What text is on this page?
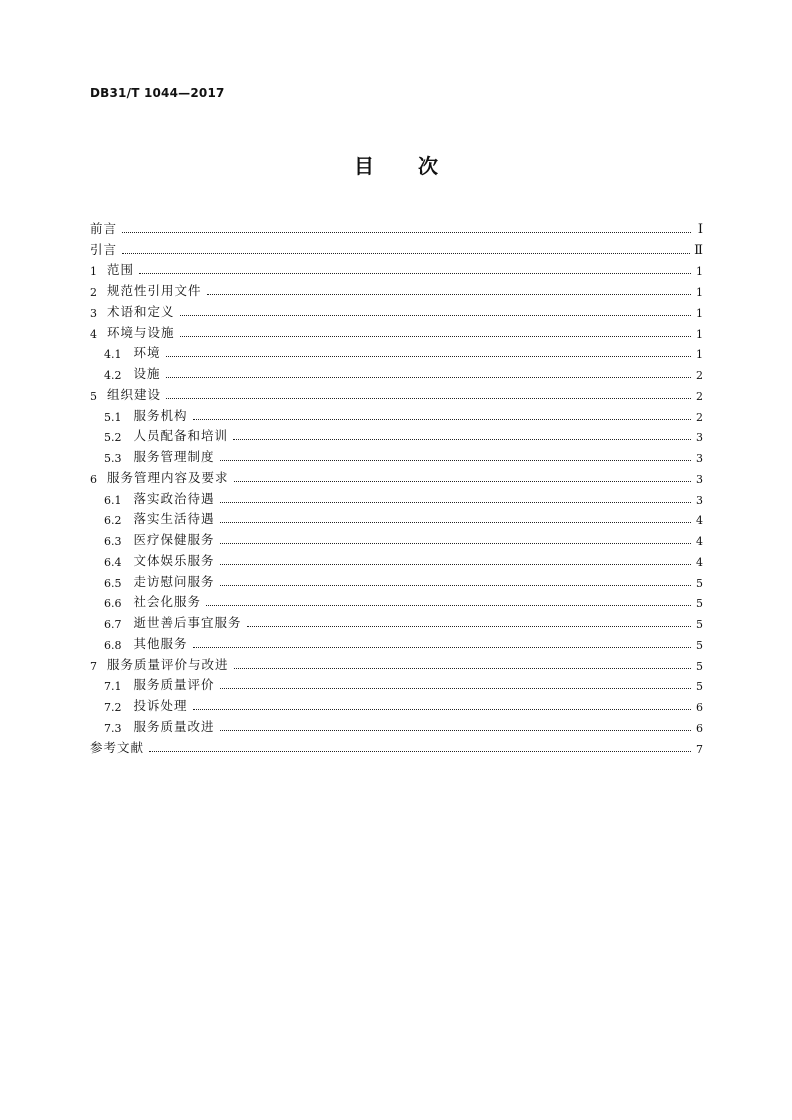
DB31/T 1044—2017
目 次
前言	Ⅰ
引言	Ⅱ
1 范围	1
2 规范性引用文件	1
3 术语和定义	1
4 环境与设施	1
4.1 环境	1
4.2 设施	2
5 组织建设	2
5.1 服务机构	2
5.2 人员配备和培训	3
5.3 服务管理制度	3
6 服务管理内容及要求	3
6.1 落实政治待遇	3
6.2 落实生活待遇	4
6.3 医疗保健服务	4
6.4 文体娱乐服务	4
6.5 走访慰问服务	5
6.6 社会化服务	5
6.7 逝世善后事宜服务	5
6.8 其他服务	5
7 服务质量评价与改进	5
7.1 服务质量评价	5
7.2 投诉处理	6
7.3 服务质量改进	6
参考文献	7
